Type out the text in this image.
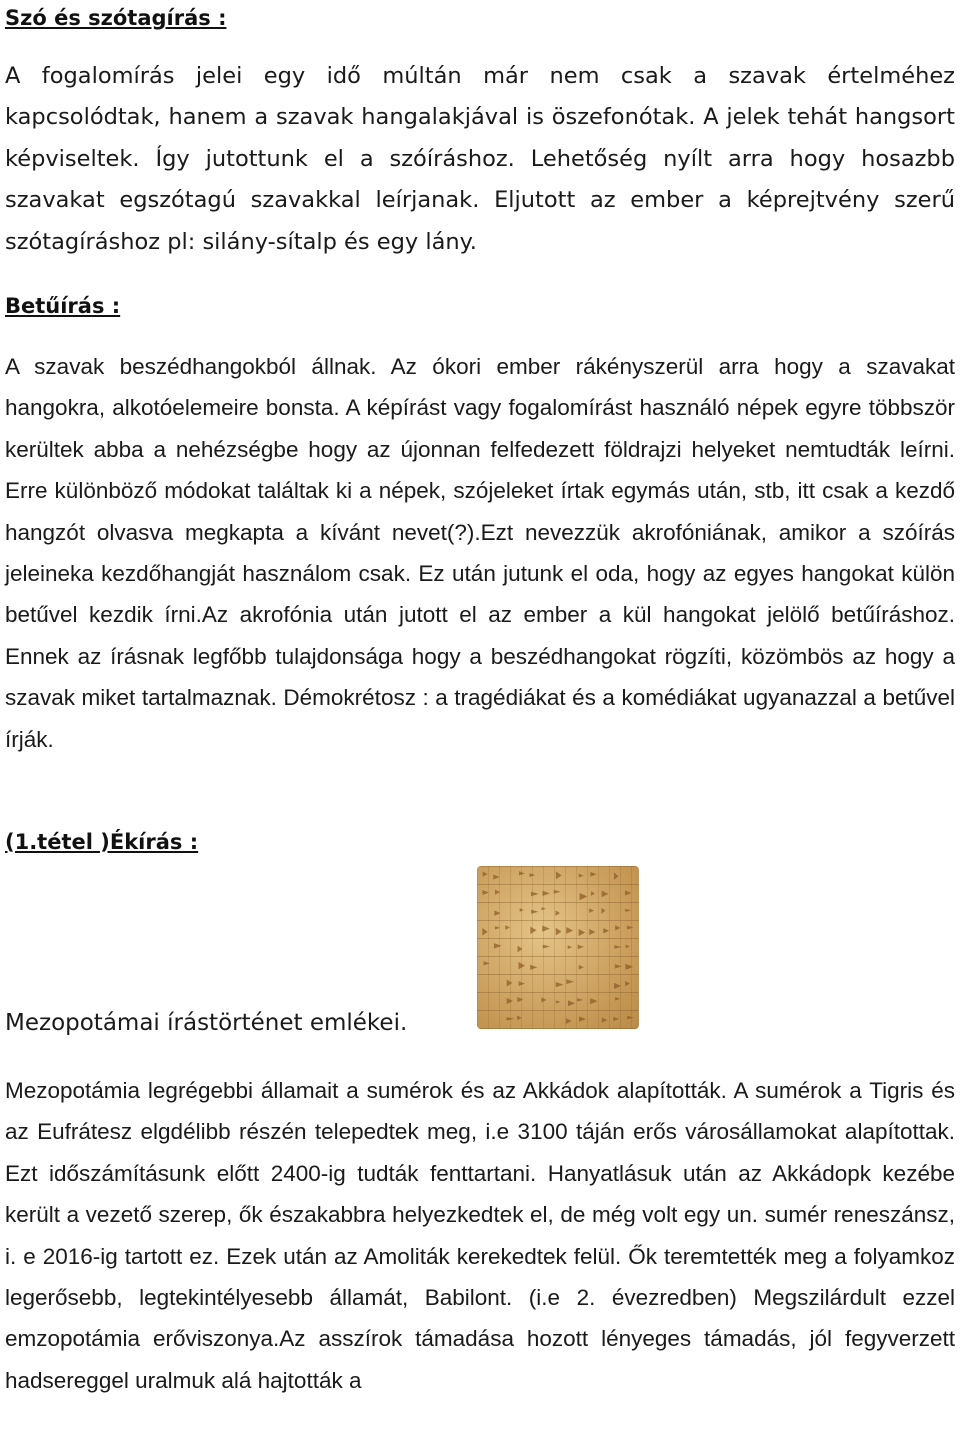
Szó és szótagírás :

A fogalomírás jelei egy idő múltán már nem csak a szavak értelméhez kapcsolódtak, hanem a szavak hangalakjával is öszefonótak. A jelek tehát hangsort képviseltek. Így jutottunk el a szóíráshoz. Lehetőség nyílt arra hogy hosazbb szavakat egszótagú szavakkal leírjanak. Eljutott az ember a képrejtvény szerű szótagíráshoz pl: silány-sítalp és egy lány.

Betűírás :

A szavak beszédhangokból állnak. Az ókori ember rákényszerül arra hogy a szavakat hangokra, alkotóelemeire bonsta. A képírást vagy fogalomírást használó népek egyre többször kerültek abba a nehézségbe hogy az újonnan felfedezett földrajzi helyeket nemtudták leírni. Erre különböző módokat találtak ki a népek, szójeleket írtak egymás után, stb, itt csak a kezdő hangzót olvasva megkapta a kívánt nevet(?).Ezt nevezzük akrofóniának, amikor a szóírás jeleineka kezdőhangját használom csak. Ez után jutunk el oda, hogy az egyes hangokat külön betűvel kezdik írni.Az akrofónia után jutott el az ember a kül hangokat jelölő betűíráshoz. Ennek az írásnak legfőbb tulajdonsága hogy a beszédhangokat rögzíti, közömbös az hogy a szavak miket tartalmaznak. Démokrétosz : a tragédiákat és a komédiákat ugyanazzal a betűvel írják.

(1.tétel )Ékírás :
Mezopotámai írástörténet emlékei.

Mezopotámia legrégebbi államait a sumérok és az Akkádok alapították. A sumérok a Tigris és az Eufrátesz elgdélibb részén telepedtek meg, i.e 3100 táján erős városállamokat alapítottak. Ezt időszámításunk előtt 2400-ig tudták fenttartani. Hanyatlásuk után az Akkádopk kezébe került a vezető szerep, ők északabbra helyezkedtek el, de még volt egy un. sumér reneszánsz, i. e 2016-ig tartott ez. Ezek után az Amoliták kerekedtek felül. Ők teremtették meg a folyamkoz legerősebb, legtekintélyesebb államát, Babilont. (i.e 2. évezredben) Megszilárdult ezzel emzopotámia erőviszonya.Az asszírok támadása hozott lényeges támadás, jól fegyverzett hadsereggel uralmuk alá hajtották a
